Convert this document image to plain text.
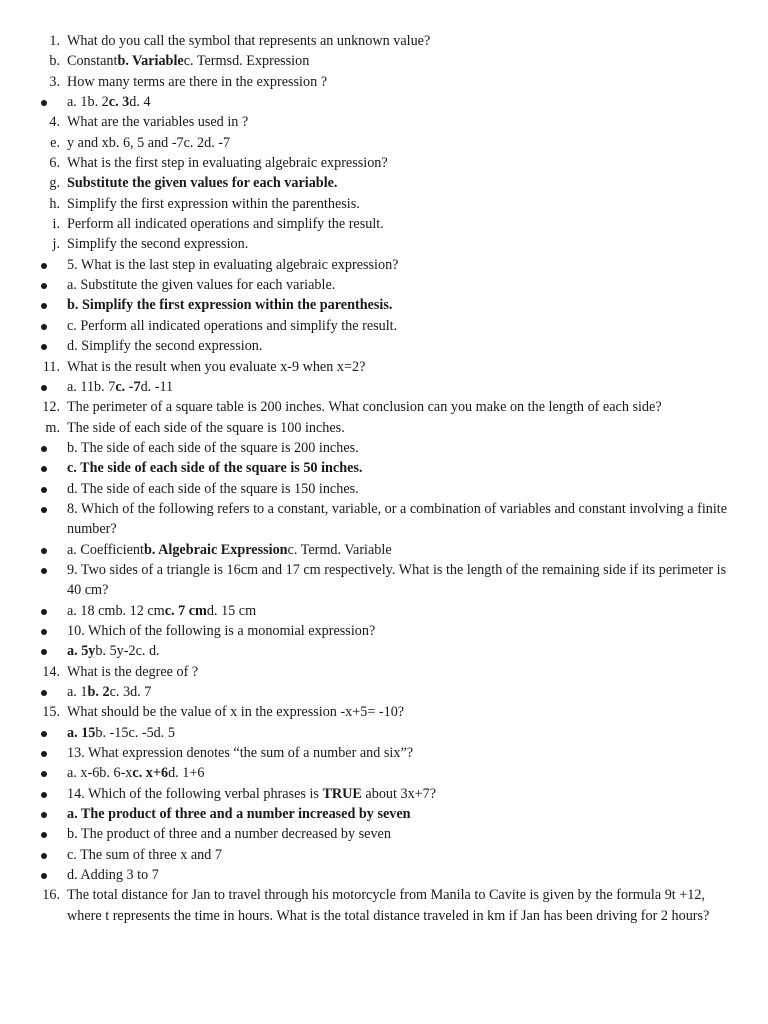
1. What do you call the symbol that represents an unknown value?
b. Constantb. Variablec. Termsd. Expression
3. How many terms are there in the expression ?
a. 1b. 2c. 3d. 4
4. What are the variables used in ?
e. y and xb. 6, 5 and -7c. 2d. -7
6. What is the first step in evaluating algebraic expression?
g. Substitute the given values for each variable.
h. Simplify the first expression within the parenthesis.
i. Perform all indicated operations and simplify the result.
j. Simplify the second expression.
5. What is the last step in evaluating algebraic expression?
a. Substitute the given values for each variable.
b. Simplify the first expression within the parenthesis.
c. Perform all indicated operations and simplify the result.
d. Simplify the second expression.
11. What is the result when you evaluate x-9 when x=2?
a. 11b. 7c. -7d. -11
12. The perimeter of a square table is 200 inches. What conclusion can you make on the length of each side?
m. The side of each side of the square is 100 inches.
b. The side of each side of the square is 200 inches.
c. The side of each side of the square is 50 inches.
d. The side of each side of the square is 150 inches.
8. Which of the following refers to a constant, variable, or a combination of variables and constant involving a finite number?
a. Coefficientb. Algebraic Expressionc. Termd. Variable
9. Two sides of a triangle is 16cm and 17 cm respectively. What is the length of the remaining side if its perimeter is 40 cm?
a. 18 cmb. 12 cmc. 7 cmd. 15 cm
10. Which of the following is a monomial expression?
a. 5yb. 5y-2c. d.
14. What is the degree of ?
a. 1b. 2c. 3d. 7
15. What should be the value of x in the expression -x+5= -10?
a. 15b. -15c. -5d. 5
13. What expression denotes “the sum of a number and six”?
a. x-6b. 6-xc. x+6d. 1+6
14. Which of the following verbal phrases is TRUE about 3x+7?
a. The product of three and a number increased by seven
b. The product of three and a number decreased by seven
c. The sum of three x and 7
d. Adding 3 to 7
16. The total distance for Jan to travel through his motorcycle from Manila to Cavite is given by the formula 9t +12, where t represents the time in hours. What is the total distance traveled in km if Jan has been driving for 2 hours?
